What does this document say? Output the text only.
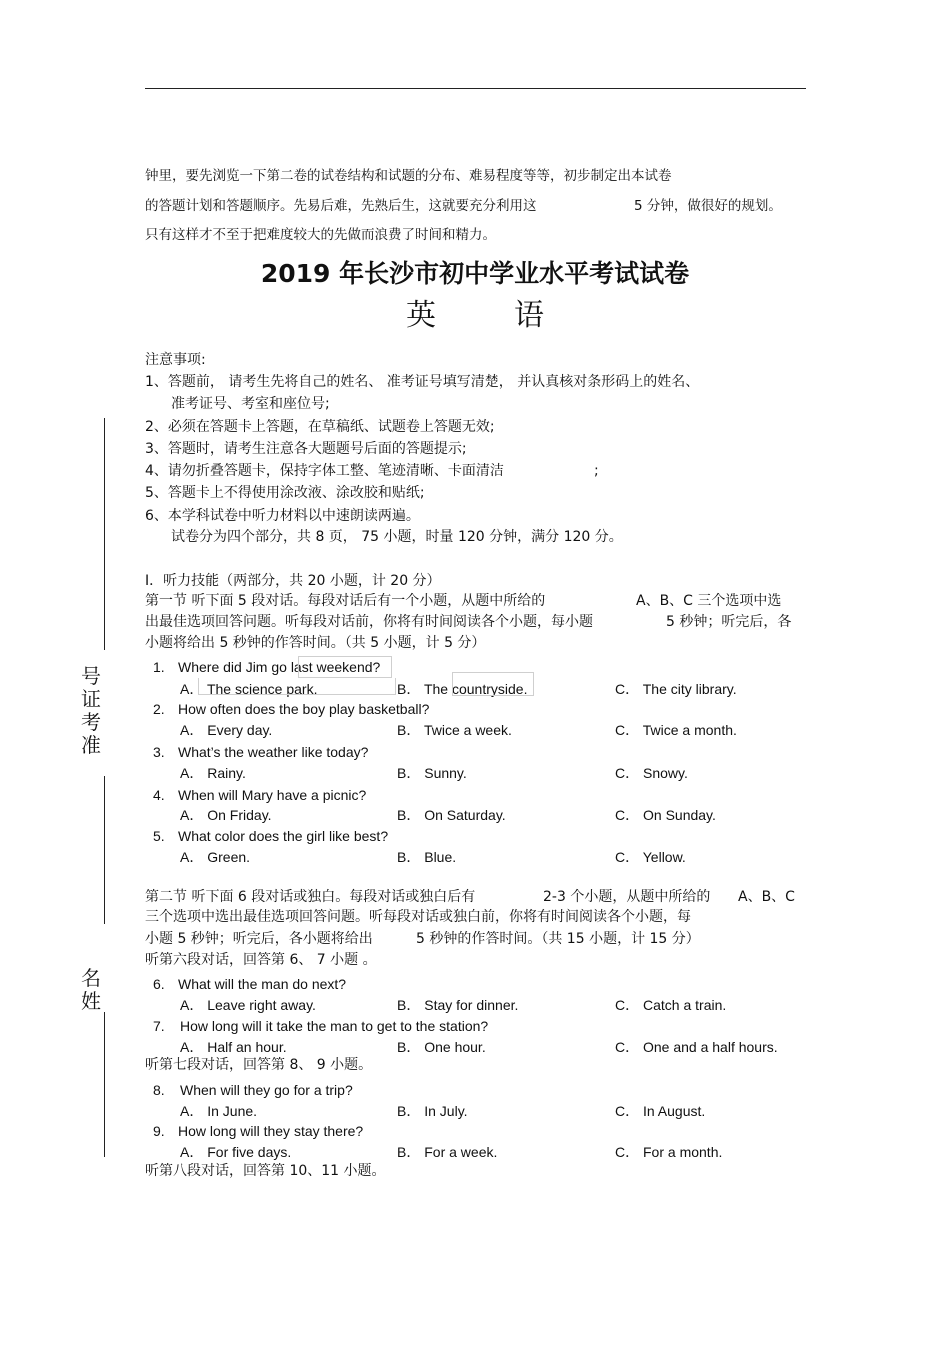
钟里，要先浏览一下第二卷的试卷结构和试题的分布、难易程度等等，初步制定出本试卷
的答题计划和答题顺序。先易后难，先熟后生，这就要充分利用这	5 分钟，做很好的规划。
只有这样才不至于把难度较大的先做而浪费了时间和精力。
2019 年长沙市初中学业水平考试试卷
英	语
注意事项:
1、答题前， 请考生先将自己的姓名、 准考证号填写清楚， 并认真核对条形码上的姓名、
准考证号、考室和座位号;
2、必须在答题卡上答题，在草稿纸、试题卷上答题无效;
3、答题时，请考生注意各大题题号后面的答题提示;
4、请勿折叠答题卡，保持字体工整、笔迹清晰、卡面清洁	;
5、答题卡上不得使用涂改液、涂改胶和贴纸;
6、本学科试卷中听力材料以中速朗读两遍。
试卷分为四个部分，共 8 页， 75 小题，时量 120 分钟，满分 120 分。
号
证
考
准
名
姓
I．听力技能（两部分，共 20 小题，计 20 分）
第一节 听下面 5 段对话。每段对话后有一个小题，从题中所给的	A、B、C 三个选项中选
出最佳选项回答问题。听每段对话前，你将有时间阅读各个小题，每小题	5 秒钟；听完后，各
小题将给出 5 秒钟的作答时间。（共 5 小题，计 5 分）
1. Where did Jim go last weekend?
A． The science park.	B． The countryside.	C． The city library.
2. How often does the boy play basketball?
A． Every day.	B． Twice a week.	C． Twice a month.
3. What’s the weather like today?
A． Rainy.	B． Sunny.	C． Snowy.
4. When will Mary have a picnic?
A． On Friday.	B． On Saturday.	C． On Sunday.
5. What color does the girl like best?
A． Green.	B． Blue.	C． Yellow.
第二节 听下面 6 段对话或独白。每段对话或独白后有	2-3 个小题，从题中所给的 A、B、C
三个选项中选出最佳选项回答问题。听每段对话或独白前，你将有时间阅读各个小题，每
小题 5 秒钟；听完后，各小题将给出	5 秒钟的作答时间。（共 15 小题，计 15 分）
听第六段对话，回答第 6、 7 小题 。
6. What will the man do next?
A． Leave right away.	B． Stay for dinner.	C． Catch a train.
7. How long will it take the man to get to the station?
A． Half an hour.	B． One hour.	C． One and a half hours.
听第七段对话，回答第 8、 9 小题。
8. When will they go for a trip?
A． In June.	B． In July.	C． In August.
9. How long will they stay there?
A． For five days.	B． For a week.	C． For a month.
听第八段对话，回答第 10、11 小题。
